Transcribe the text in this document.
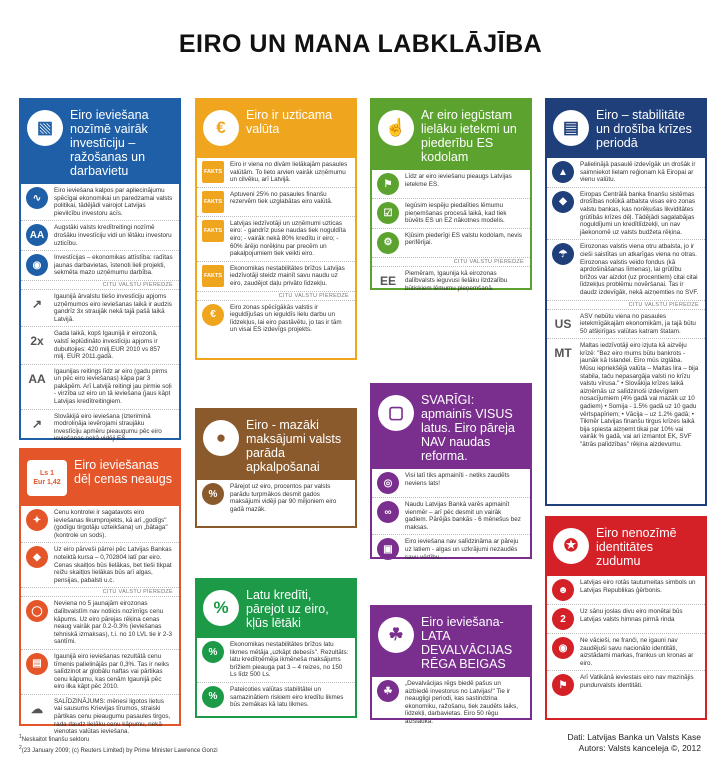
EIRO UN MANA LABKLĀJĪBA
▧
Eiro ieviešana nozīmē vairāk investīciju – ražošanas un darbavietu
∿
Eiro ieviešana kalpos par apliecinājumu spēcīgai ekonomikai un paredzamai valsts politikai, tādējādi vairojot Latvijas pievilcību investoru acīs.
AA
Augstāki valsts kredītreitingi nozīmē drošāku investīciju vidi un lētāku investoru uzticību.
◉
Investīcijas – ekonomikas attīstība: radītas jaunas darbavietas, īstenoti lieli projekti, sekmēta mazo uzņēmumu darbība.
CITU VALSTU PIEREDZE
↗
Igaunijā ārvalstu tiešo investīciju apjoms uzņēmumos eiro ieviešanas laikā ir audzis gandrīz 3x straujāk nekā tajā pašā laikā Latvijā.
2x
Gada laikā, kopš Igaunijā ir eirozonā, valstī ieplūdināto investīciju apjoms ir dubultojies: 420 milj.EUR 2010 vs 857 milj. EUR 2011.gadā.
AA
Igaunijas reitings līdz ar eiro (gadu pirms un pēc eiro ieviešanas) kāpa par 3 pakāpēm. Arī Latvijā reitingi jau pirmie soļi - virzība uz eiro un tā ieviešana (jaus kāpt Latvijas kredītreitingiem.
↗
Slovākijā eiro ieviešana (izteriminā modroliņāja ievērojami straujāku investīciju apmēru pieaugumu pēc eiro ieviešanas nekā vidēji ES.
Ls 1
Eur 1,42
Eiro ieviešanas dēļ cenas neaugs
✦
Cenu kontrolei ir sagatavots eiro ieviešanas likumprojekts, kā arī „godīgs" (godīgu tirgotāju uzteikšana) un „bātaga" (kontrole un sods).
◆
Uz eiro pārveši pārrei pēc Latvijas Bankas noteiktā kursa – 0,702804 latī par eiro. Cenas skaitļos būs lielākas, bet tieši tikpat reižu skaitļos lielākas būs arī algas, pensijas, pabalsti u.c.
CITU VALSTU PIEREDZE
◯
Neviena no 5 jaunajām eirozonas dalībvalstīm nav notiicis nozīmīgs cenu kāpums. Uz eiro pārejas rēķina cenas neaug vairāk par 0.2-0.3% (ieviešanas tehniskā izmaksas), t.i. no 10 LVL tie ir 2-3 santīmi.
▤
Igaunijā eiro ieviešanas rezultātā cenu tīmenis palielinājās par 0,3%. Tas ir neiks salīdzinot ar globālu naftas vai pārtikas cenu kāpumu, kas cenām Igaunijā pēc eiro ilka kāpt pēc 2010.
☁
SALĪDZINĀJUMS: mēnesi ligotos lietus vai sausums Krievijas tīrumos, straiski pārtikas cenu pieaugumu pasaules tirgos, rada daudz lielāku cenu kāpumu, nekā vienotas valūtas ieviešana.
€
Eiro ir uzticama valūta
FAKTS
Eiro ir viena no divām lielākajām pasaules valūtām. To lieto arvien vairāk uzņēmumu un cilvēku, arī Latvijā.
FAKTS
Aptuveni 25% no pasaules finanšu rezervēm tiek uzglabātas eiro valūtā.
FAKTS
Latvijas iedzīvotāji un uzņēmumi uzticas eiro: - gandrīz puse naudas tiek noguldīta eiro; - vairāk nekā 80% kredītu ir eiro; - 60% ārējo norēķinu par precēm un pakalpojumiem tiek veikti eiro.
FAKTS
Ekonomikas nestabilitātes brīžos Latvijas iedzīvotāji steidz mainīt savu naudu uz eiro, zaudējot daļu privāto līdzekļu.
CITU VALSTU PIEREDZE
€
Eiro zonas spēcīgākās valstis ir ieguldījušas un ieguldīs lielu darbu un līdzekļus, lai eiro pastāvētu, jo tas ir tām un visai ES izdevīgs projekts.
●
Eiro - mazāki maksājumi valsts parāda apkalpošanai
%
Pārejot uz eiro, procentos par valsts parādu turpmākos desmit gados maksājumi vidēji par 90 miljoniem eiro gadā mazāk.
%
Latu kredīti, pārejot uz eiro, kļūs lētāki
%
Ekonomikas nestabilitātes brīžos latu likmes mētāja „uzkāpt debesīs". Rezultāts: latu kredītņēmēja ikmēneša maksājums brīžiem pieauga pat 3 – 4 reizes, no 150 Ls līdz 500 Ls.
%
Pateicoties valūtas stabilitātei un samazinātiem riskiem eiro kredītu likmes būs zemākas kā latu likmes.
☝
Ar eiro iegūstam lielāku ietekmi un piederību ES kodolam
⚑
Līdz ar eiro ieviešanu pieaugs Latvijas ietekme ES.
☑
Iegūsim iespēju piedalīties lēmumu pieņemšanas procesā laikā, kad tiek būvēts ES un EZ nākotnes modelis.
⚙
Kļūsim piederīgi ES valstu kodolam, nevis perifērijai.
CITU VALSTU PIEREDZE
EE
Piemēram, Igaunija kā eirozonas dalībvalsts ieguvusi lielāku ilzdzalību būtiskiem lēmumu pieņemšanā.
▢
SVARĪGI: apmainīs VISUS latus. Eiro pāreja NAV naudas reforma.
◎
Visi latī tiks apmainīti - netiks zaudēts neviens lats!
∞
Naudu Latvijas Bankā varēs apmainīt vienmēr – arī pēc desmit un vairāk gadiem. Pārējās bankās - 6 mēnešus bez maksas.
▣
Eiro ieviešana nav salīdzināma ar pāreju uz latiem - algas un uzkrājumi nezaudēs savu vērtību.
☘
Eiro ieviešana- LATA DEVALVĀCIJAS RĒGA BEIGAS
☘
„Devalvācijas rēgs biedē pašus un aizbiedē investorus no Latvijas!" Tie ir neaugligi periodi, kas sastindzina ekonomiku, ražošanu, tiek zaudēts laiks, līdzekļi, darbavietas. Eiro 50 rēgu aizslauka.
▤
Eiro – stabilitāte un drošība krīzes periodā
▲
Palielinājā pasaulē izdevīgāk un drošāk ir saimniekot lielam reģionam kā Eiropai ar vienu valūtu.
◆
Eiropas Centrālā banka finanšu sistēmas drošības nolūkā atbalsta visas eiro zonas valstu bankas, kas norēķušas likviditātes grūtībās krīzes dēļ. Tādējādi sagalabājas noguldījumi un kredītlīdzekļi, un nav jāekonomē uz valsts budžeta rēķina.
☂
Eirozonas valstis viena otru atbalsta, jo ir cieši saistītas un atkarīgas viena no otras. Eirozonas valstis veido fondus (kā aprdošināšanas līmenas), lai grūtību brīžos var aizdot (uz procentiem) citai citai līdzekļus problēmu novēršanai. Tas ir daudz izdevīgāk, nekā aizņemties no SVF.
CITU VALSTU PIEREDZE
US
ASV nebūtu viena no pasaules ietekmīgākajām ekonomikām, ja tajā būtu 50 atšķirīgas valūtas katram štatam.
MT
Maltas iedzīvotāji eiro izjuta kā aizvēju krīzē: "Bez eiro mums būtu bankrots - jaunāk kā Islandei. Eiro mūs izglāba. Mūsu iepriekšējā valūta – Maltas lira – bija stabila, taču nepasargāja valsti no krīzu valstu vīrusa." • Slovākija krīzes laikā aizņēmās uz salīdzinoši izdevīgiem nosacījumiem (4% gadā vai mazāk uz 10 gadiem) • Somija - 1.5% gadā uz 10 gadu vērtspapīriem; • Vācija – uz 1.2% gadā; • Tikmēr Latvijas finanšu tirgus krīzes laikā bija spiesta aizņemt tikai par 10% vai vairāk % gadā, vai ari izmantot EK, SVF "ātrās palīdzības" rēķina aizdevumu.
✪
Eiro nenozīmē identitātes zudumu
☻
Latvijas eiro rotās tautumeitas simbols un Latvijas Republikas ģērbonis.
2
Uz sānu joslas divu eiro monētai būs Latvijas valsts himnas pirmā rinda
◉
Ne vācieši, ne franči, ne igauni nav zaudējuši savu nacionālo identitāti, aizstādami markas, frankus un kronas ar eiro.
⚑
Arī Vatikānā ieviestais eiro nav mazinājis pundurvalsts identitāti.
$^1$Neskaitot finanšu sektoru
$^2$(23 January 2009; (c) Reuters Limited) by Prime Minister Lawrence Gonzi
Dati: Latvijas Banka un Valsts Kase
Autors: Valsts kanceleja ©, 2012
